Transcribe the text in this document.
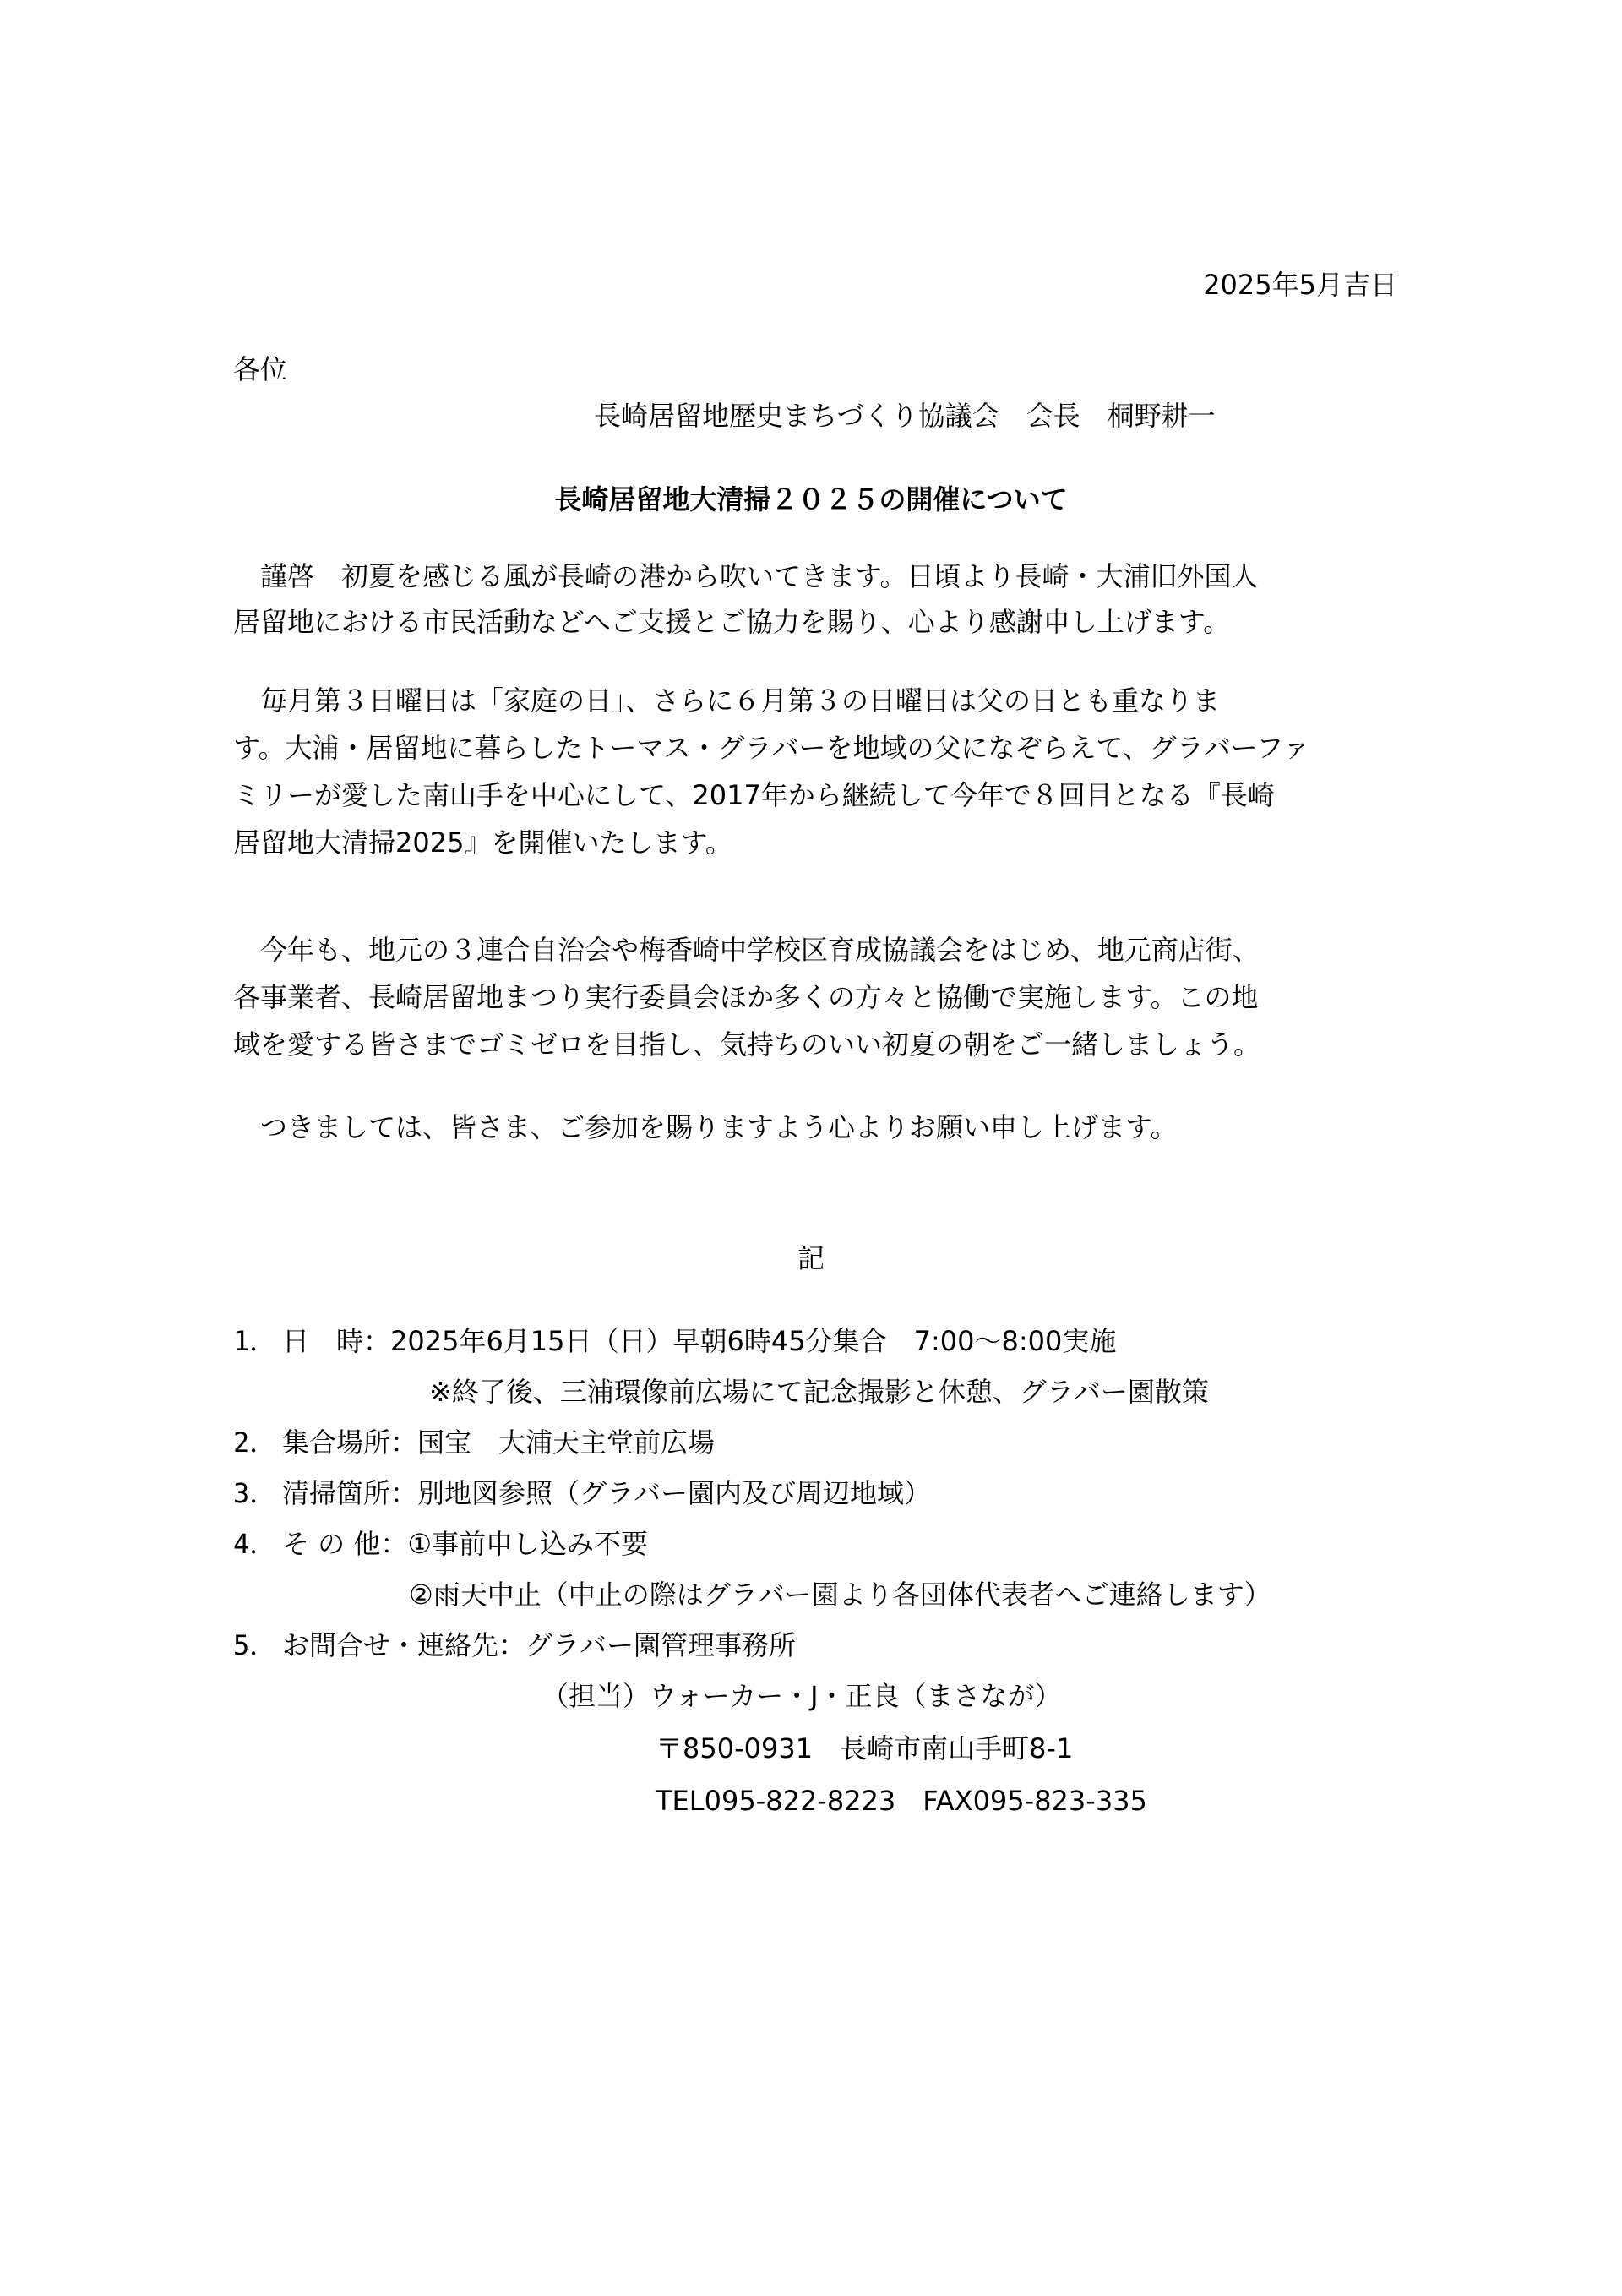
2025年5月吉日

各位

長崎居留地歴史まちづくり協議会　会長　桐野耕一

長崎居留地大清掃２０２５の開催について

　謹啓　初夏を感じる風が長崎の港から吹いてきます。日頃より長崎・大浦旧外国人

居留地における市民活動などへご支援とご協力を賜り、心より感謝申し上げます。

　毎月第３日曜日は「家庭の日」、さらに６月第３の日曜日は父の日とも重なりま

す。大浦・居留地に暮らしたトーマス・グラバーを地域の父になぞらえて、グラバーファ

ミリーが愛した南山手を中心にして、2017年から継続して今年で８回目となる『長崎

居留地大清掃2025』を開催いたします。

　今年も、地元の３連合自治会や梅香崎中学校区育成協議会をはじめ、地元商店街、

各事業者、長崎居留地まつり実行委員会ほか多くの方々と協働で実施します。この地

域を愛する皆さまでゴミゼロを目指し、気持ちのいい初夏の朝をご一緒しましょう。

　つきましては、皆さま、ご参加を賜りますよう心よりお願い申し上げます。

記

1． 日　時：2025年6月15日（日）早朝6時45分集合　7:00〜8:00実施

※終了後、三浦環像前広場にて記念撮影と休憩、グラバー園散策

2． 集合場所：国宝　大浦天主堂前広場

3． 清掃箇所：別地図参照（グラバー園内及び周辺地域）

4． そ の 他：①事前申し込み不要

②雨天中止（中止の際はグラバー園より各団体代表者へご連絡します）

5． お問合せ・連絡先：グラバー園管理事務所

（担当）ウォーカー・J・正良（まさなが）

〒850-0931　長崎市南山手町8-1

TEL095-822-8223　FAX095-823-335
